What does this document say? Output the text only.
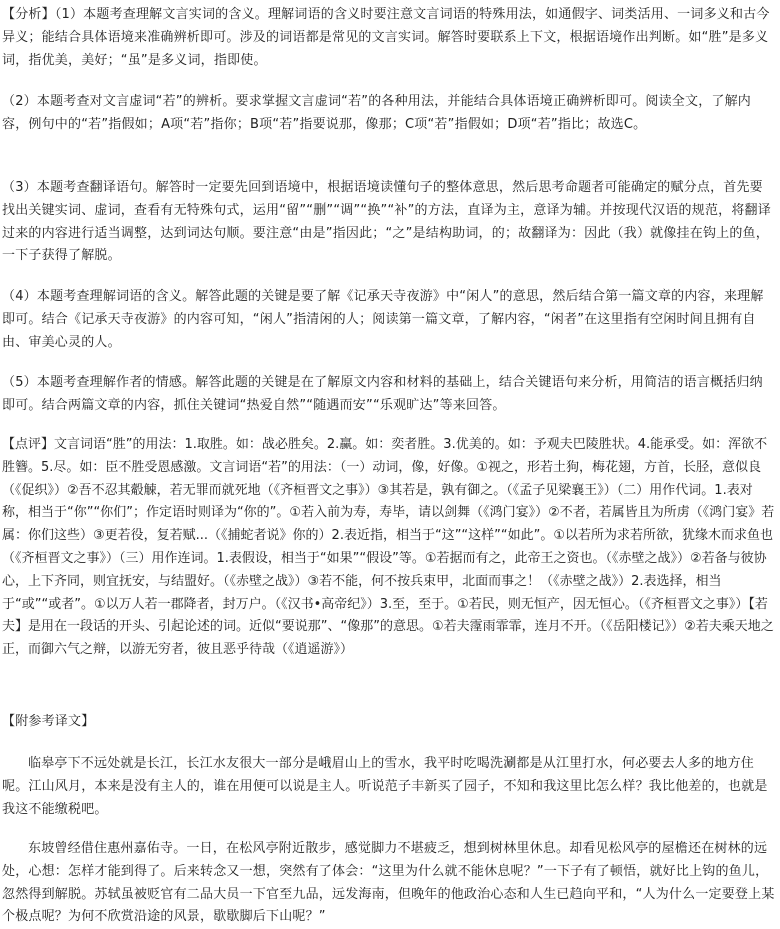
【分析】（1）本题考查理解文言实词的含义。理解词语的含义时要注意文言词语的特殊用法，如通假字、词类活用、一词多义和古今异义；能结合具体语境来准确辨析即可。涉及的词语都是常见的文言实词。解答时要联系上下文，根据语境作出判断。如“胜”是多义词，指优美，美好；“虽”是多义词，指即使。

（2）本题考查对文言虚词“若”的辨析。要求掌握文言虚词“若”的各种用法，并能结合具体语境正确辨析即可。阅读全文，了解内容，例句中的“若”指假如；A项“若”指你；B项“若”指要说那，像那；C项“若”指假如；D项“若”指比；故选C。

（3）本题考查翻译语句。解答时一定要先回到语境中，根据语境读懂句子的整体意思，然后思考命题者可能确定的赋分点，首先要找出关键实词、虚词，查看有无特殊句式，运用“留”“删”“调”“换”“补”的方法，直译为主，意译为辅。并按现代汉语的规范，将翻译过来的内容进行适当调整，达到词达句顺。要注意“由是”指因此；“之”是结构助词，的；故翻译为：因此（我）就像挂在钩上的鱼，一下子获得了解脱。

（4）本题考查理解词语的含义。解答此题的关键是要了解《记承天寺夜游》中“闲人”的意思，然后结合第一篇文章的内容，来理解即可。结合《记承天寺夜游》的内容可知，“闲人”指清闲的人；阅读第一篇文章，了解内容，“闲者”在这里指有空闲时间且拥有自由、审美心灵的人。

（5）本题考查理解作者的情感。解答此题的关键是在了解原文内容和材料的基础上，结合关键语句来分析，用简洁的语言概括归纳即可。结合两篇文章的内容，抓住关键词“热爱自然”“随遇而安”“乐观旷达”等来回答。

【点评】文言词语“胜”的用法：1.取胜。如：战必胜矣。2.赢。如：奕者胜。3.优美的。如：予观夫巴陵胜状。4.能承受。如：浑欲不胜簪。5.尽。如：臣不胜受恩感激。文言词语“若”的用法：（一）动词，像，好像。①视之，形若土狗，梅花翅，方首，长胫，意似良（《促织》）②吾不忍其觳觫，若无罪而就死地（《齐桓晋文之事》）③其若是，孰有御之。（《孟子见梁襄王》）（二）用作代词。1.表对称，相当于“你”“你们”；作定语时则译为“你的”。①若入前为寿，寿毕，请以剑舞（《鸿门宴》）②不者，若属皆且为所虏（《鸿门宴》若属：你们这些）③更若役，复若赋...（《捕蛇者说》你的）2.表近指，相当于“这”“这样”“如此”。①以若所为求若所欲，犹缘木而求鱼也（《齐桓晋文之事》）（三）用作连词。1.表假设，相当于“如果”“假设”等。①若据而有之，此帝王之资也。（《赤壁之战》）②若备与彼协心，上下齐同，则宜抚安，与结盟好。（《赤壁之战》）③若不能，何不按兵束甲，北面而事之！（《赤壁之战》）2.表选择，相当于“或”“或者”。①以万人若一郡降者，封万户。（《汉书•高帝纪》）3.至，至于。①若民，则无恒产，因无恒心。（《齐桓晋文之事》）【若夫】是用在一段话的开头、引起论述的词。近似“要说那”、“像那”的意思。①若夫霪雨霏霏，连月不开。（《岳阳楼记》）②若夫乘天地之正，而御六气之辩，以游无穷者，彼且恶乎待哉（《逍遥游》）

【附参考译文】

临皋亭下不远处就是长江，长江水友很大一部分是峨眉山上的雪水，我平时吃喝洗涮都是从江里打水，何必要去人多的地方住呢。江山风月，本来是没有主人的，谁在用便可以说是主人。听说范子丰新买了园子，不知和我这里比怎么样？我比他差的，也就是我这不能缴税吧。

东坡曾经借住惠州嘉佑寺。一日，在松风亭附近散步，感觉脚力不堪疲乏，想到树林里休息。却看见松风亭的屋檐还在树林的远处，心想：怎样才能到得了。后来转念又一想，突然有了体会：“这里为什么就不能休息呢？”一下子有了顿悟，就好比上钩的鱼儿，忽然得到解脱。苏轼虽被贬官有二品大员一下官至九品，远发海南，但晚年的他政治心态和人生已趋向平和，“人为什么一定要登上某个极点呢？为何不欣赏沿途的风景，歇歇脚后下山呢？”
